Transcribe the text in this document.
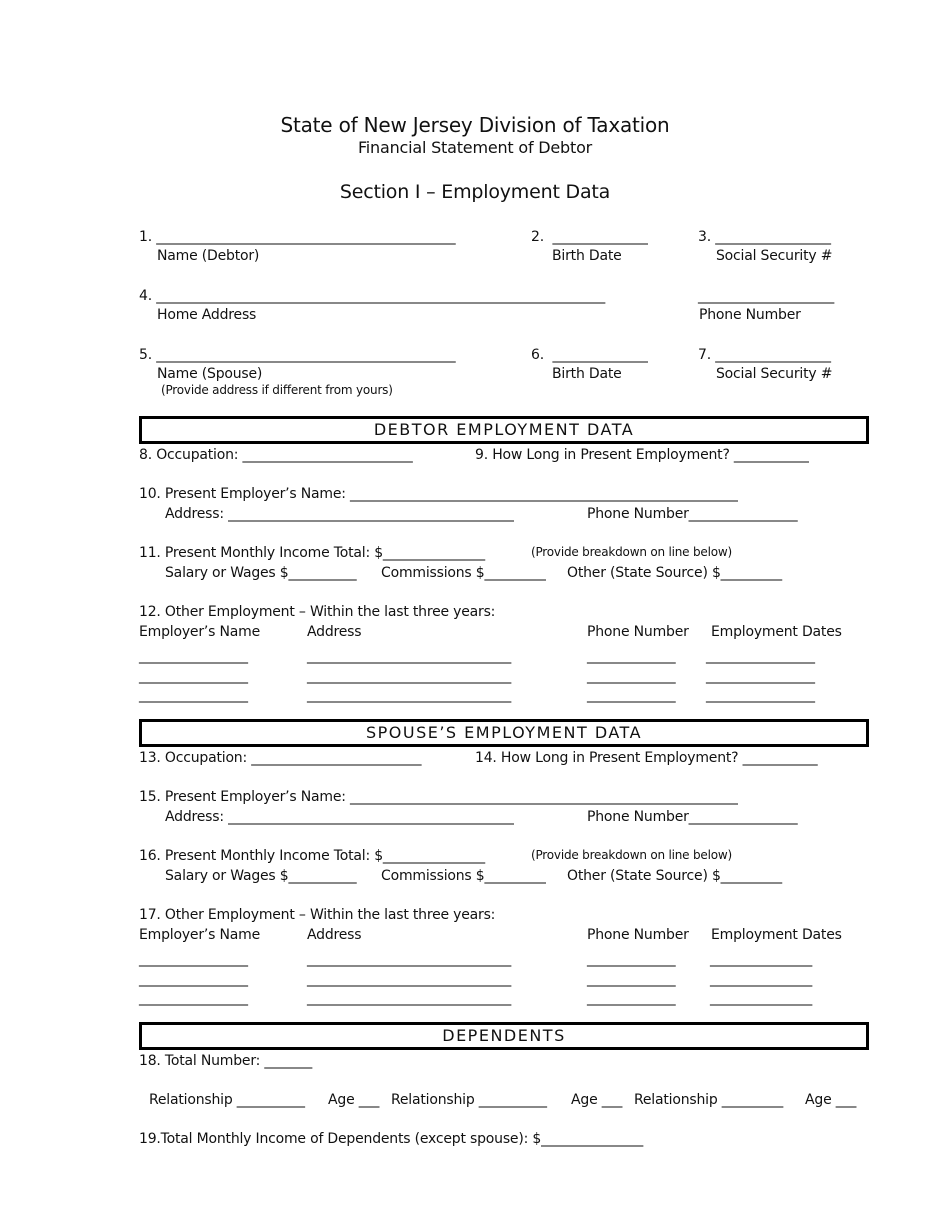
State of New Jersey Division of Taxation
Financial Statement of Debtor
Section I – Employment Data
1. ____________________________________________
Name (Debtor)
2.  ______________
Birth Date
3. _________________
Social Security #
4. __________________________________________________________________	____________________
Home Address	Phone Number
5. ____________________________________________
Name (Spouse)
(Provide address if different from yours)
6.  ______________
Birth Date
7. _________________
Social Security #
DEBTOR EMPLOYMENT DATA
8. Occupation: _________________________	9. How Long in Present Employment? ___________
10. Present Employer’s Name: _________________________________________________________
Address: __________________________________________	Phone Number________________
11. Present Monthly Income Total: $_______________	(Provide breakdown on line below)
Salary or Wages $__________ Commissions $_________ Other (State Source) $_________
12. Other Employment – Within the last three years:
Employer’s Name	Address	Phone Number Employment Dates
________________	______________________________	_____________ ________________
________________	______________________________	_____________ ________________
________________	______________________________	_____________ ________________
SPOUSE’S EMPLOYMENT DATA
13. Occupation: _________________________	14. How Long in Present Employment? ___________
15. Present Employer’s Name: _________________________________________________________
Address: __________________________________________	Phone Number________________
16. Present Monthly Income Total: $_______________	(Provide breakdown on line below)
Salary or Wages $__________ Commissions $_________ Other (State Source) $_________
17. Other Employment – Within the last three years:
Employer’s Name	Address	Phone Number Employment Dates
________________	______________________________	_____________ _______________
________________	______________________________	_____________ _______________
________________	______________________________	_____________ _______________
DEPENDENTS
18. Total Number: _______
Relationship __________ Age ___ Relationship __________ Age ___ Relationship _________ Age ___
19.Total Monthly Income of Dependents (except spouse): $_______________
